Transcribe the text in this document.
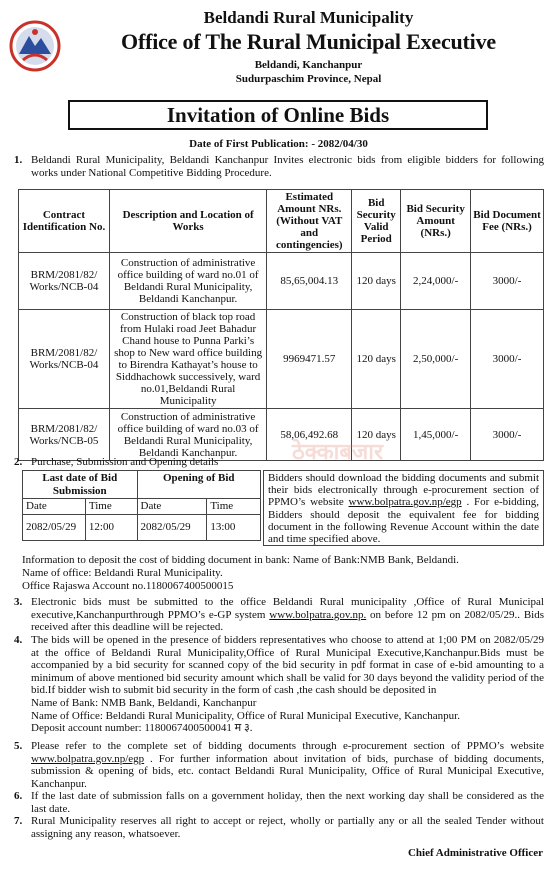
Beldandi Rural Municipality
Office of The Rural Municipal Executive
Beldandi, Kanchanpur
Sudurpaschim Province, Nepal
Invitation of Online Bids
Date of First Publication: - 2082/04/30
1. Beldandi Rural Municipality, Beldandi Kanchanpur Invites electronic bids from eligible bidders for following works under National Competitive Bidding Procedure.
Contract Identification No.	Description and Location of Works	Estimated Amount NRs. (Without VAT and contingencies)	Bid Security Valid Period	Bid Security Amount (NRs.)	Bid Document Fee (NRs.)
BRM/2081/82/ Works/NCB-04	Construction of administrative office building of ward no.01 of Beldandi Rural Municipality, Beldandi Kanchanpur.	85,65,004.13	120 days	2,24,000/-	3000/-
BRM/2081/82/ Works/NCB-04	Construction of black top road from Hulaki road Jeet Bahadur Chand house to Punna Parki’s shop to New ward office building to Birendra Kathayat’s house to Siddhachowk successively, ward no.01,Beldandi Rural Municipality	9969471.57	120 days	2,50,000/-	3000/-
BRM/2081/82/ Works/NCB-05	Construction of administrative office building of ward no.03 of Beldandi Rural Municipality, Beldandi Kanchanpur.	58,06,492.68	120 days	1,45,000/-	3000/-
ठेक्काबजार
2. Purchase, Submission and Opening details
Last date of Bid Submission		Opening of Bid	
Date	Time	Date	Time
2082/05/29	12:00	2082/05/29	13:00
Bidders should download the bidding documents and submit their bids electronically through e-procurement section of PPMO’s website www.bolpatra.gov.np/egp . For e-bidding, Bidders should deposit the equivalent fee for bidding document in the following Revenue Account within the date and time specified above.
Information to deposit the cost of bidding document in bank: Name of Bank:NMB Bank, Beldandi.
Name of office: Beldandi Rural Municipality.
Office Rajaswa Account no.1180067400500015
3. Electronic bids must be submitted to the office Beldandi Rural municipality ,Office of Rural Municipal executive,Kanchanpurthrough PPMO’s e-GP system www.bolpatra.gov.np. on before 12 pm on 2082/05/29.. Bids received after this deadline will be rejected.
4. The bids will be opened in the presence of bidders representatives who choose to attend at 1;00 PM on 2082/05/29 at the office of Beldandi Rural Municipality,Office of Rural Municipal Executive,Kanchanpur.Bids must be accompanied by a bid security for scanned copy of the bid security in pdf format in case of e-bid amounting to a minimum of above mentioned bid security amount which shall be valid for 30 days beyond the validity period of the bid.If bidder wish to submit bid security in the form of cash ,the cash should be deposited in
Name of Bank: NMB Bank, Beldandi, Kanchanpur
Name of Office: Beldandi Rural Municipality, Office of Rural Municipal Executive, Kanchanpur.
Deposit account number: 1180067400500041 म ३.
5. Please refer to the complete set of bidding documents through e-procurement section of PPMO’s website www.bolpatra.gov.np/egp . For further information about invitation of bids, purchase of bidding documents, submission & opening of bids, etc. contact Beldandi Rural Municipality, Office of Rural Municipal Executive, Kanchanpur.
6. If the last date of submission falls on a government holiday, then the next working day shall be considered as the last date.
7. Rural Municipality reserves all right to accept or reject, wholly or partially any or all the sealed Tender without assigning any reason, whatsoever.
Chief Administrative Officer
